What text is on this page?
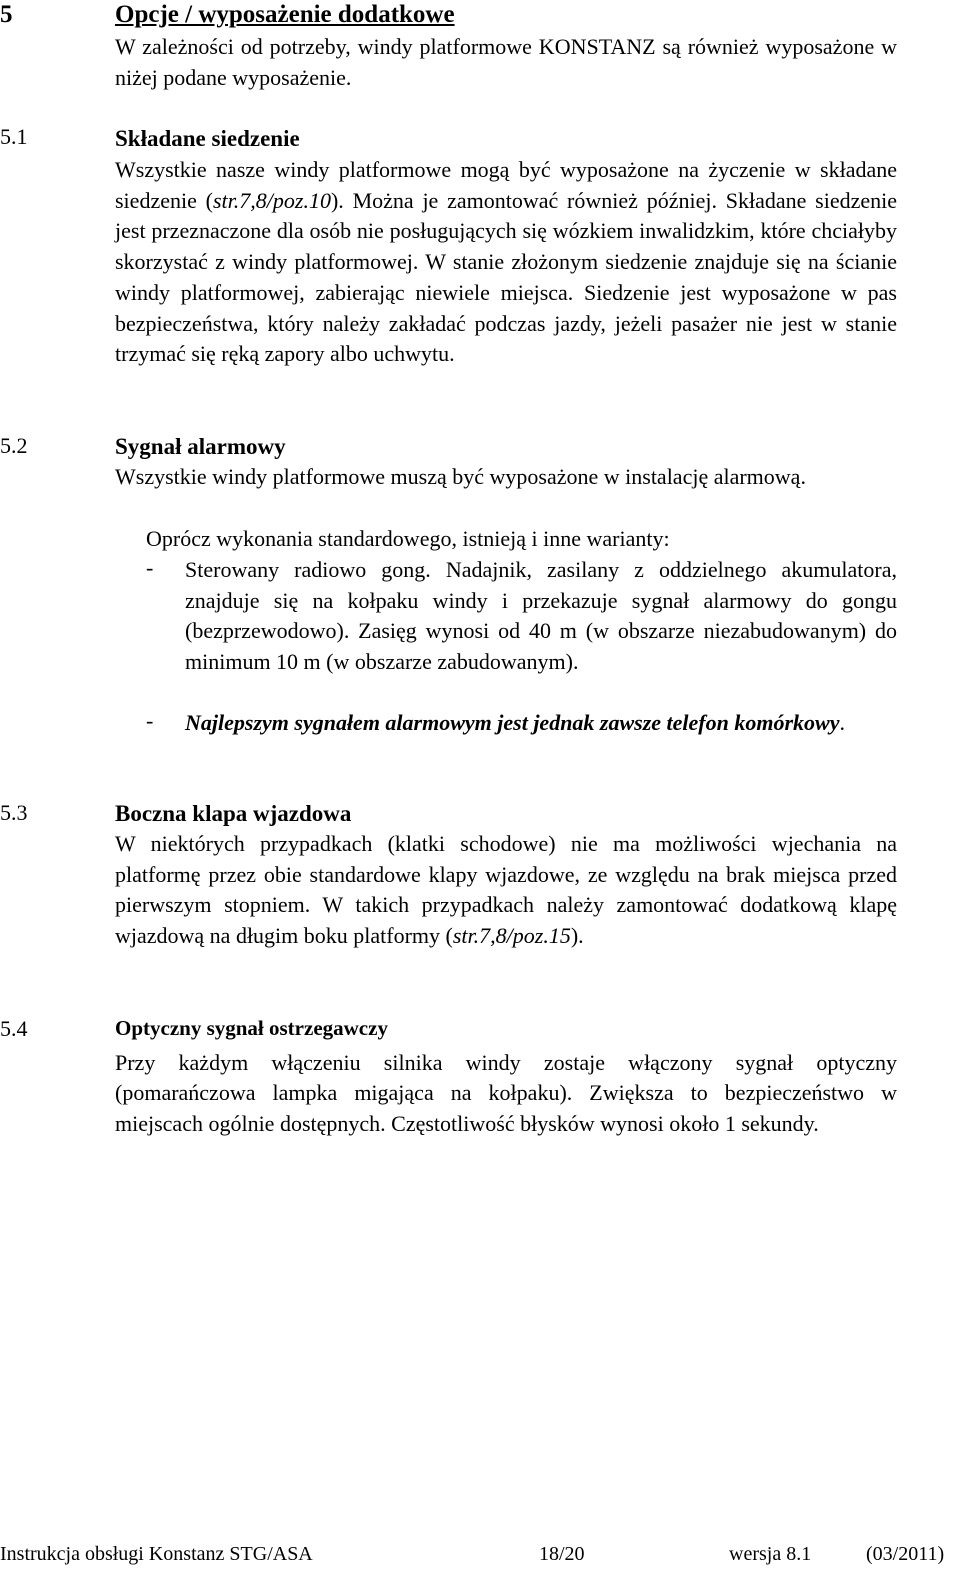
5	Opcje / wyposażenie dodatkowe
W zależności od potrzeby, windy platformowe KONSTANZ są również wyposażone w niżej podane wyposażenie.
5.1	Składane siedzenie
Wszystkie nasze windy platformowe mogą być wyposażone na życzenie w składane siedzenie (str.7,8/poz.10). Można je zamontować również później. Składane siedzenie jest przeznaczone dla osób nie posługujących się wózkiem inwalidzkim, które chciałyby skorzystać z windy platformowej. W stanie złożonym siedzenie znajduje się na ścianie windy platformowej, zabierając niewiele miejsca. Siedzenie jest wyposażone w pas bezpieczeństwa, który należy zakładać podczas jazdy, jeżeli pasażer nie jest w stanie trzymać się ręką zapory albo uchwytu.
5.2	Sygnał alarmowy
Wszystkie windy platformowe muszą być wyposażone w instalację alarmową.
Oprócz wykonania standardowego, istnieją i inne warianty:
- Sterowany radiowo gong. Nadajnik, zasilany z oddzielnego akumulatora, znajduje się na kołpaku windy i przekazuje sygnał alarmowy do gongu (bezprzewodowo). Zasięg wynosi od 40 m (w obszarze niezabudowanym) do minimum 10 m (w obszarze zabudowanym).
- Najlepszym sygnałem alarmowym jest jednak zawsze telefon komórkowy.
5.3	Boczna klapa wjazdowa
W niektórych przypadkach (klatki schodowe) nie ma możliwości wjechania na platformę przez obie standardowe klapy wjazdowe, ze względu na brak miejsca przed pierwszym stopniem. W takich przypadkach należy zamontować dodatkową klapę wjazdową na długim boku platformy (str.7,8/poz.15).
5.4	Optyczny sygnał ostrzegawczy
Przy każdym włączeniu silnika windy zostaje włączony sygnał optyczny (pomarańczowa lampka migająca na kołpaku). Zwiększa to bezpieczeństwo w miejscach ogólnie dostępnych. Częstotliwość błysków wynosi około 1 sekundy.
Instrukcja obsługi Konstanz STG/ASA	18/20	wersja 8.1	(03/2011)
